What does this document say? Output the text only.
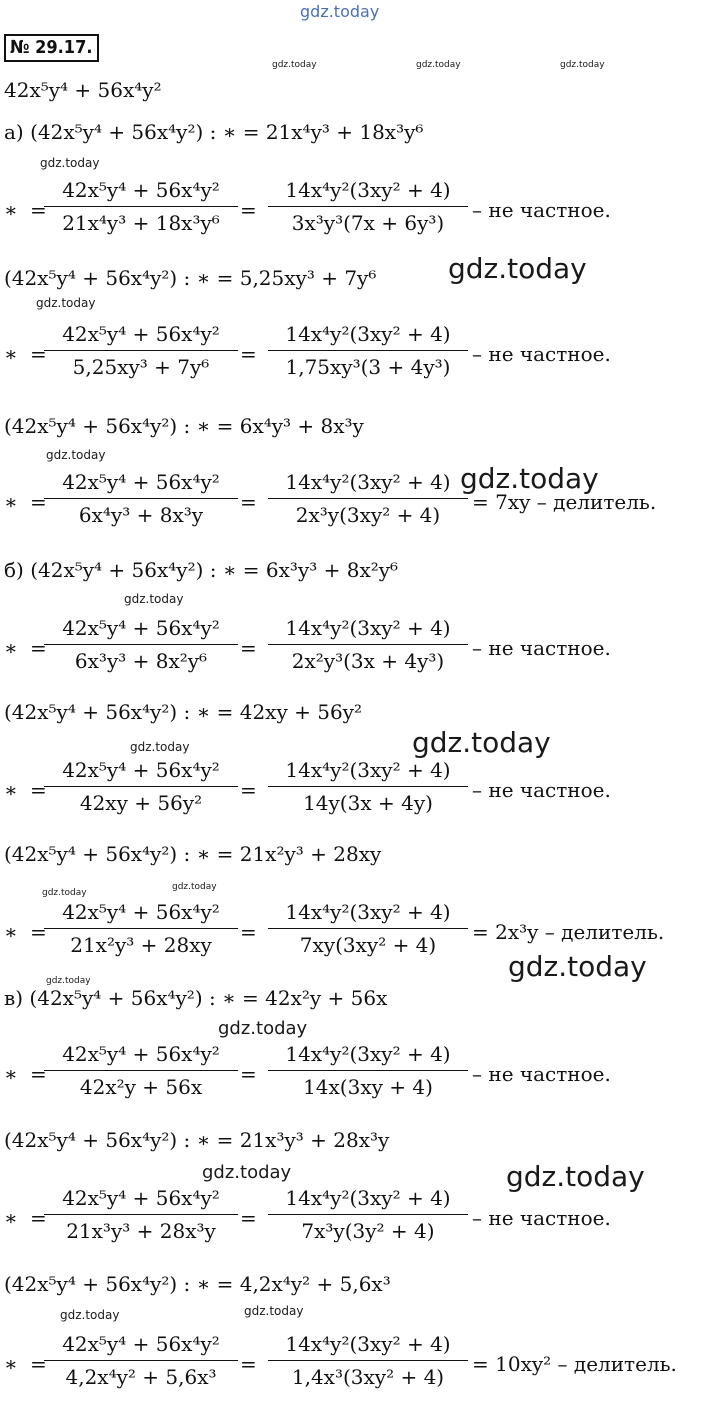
gdz.today
№ 29.17.
gdz.today	gdz.today	gdz.today
42x⁵y⁴ + 56x⁴y²
а) (42x⁵y⁴ + 56x⁴y²) : ∗ = 21x⁴y³ + 18x³y⁶
∗ =
42x⁵y⁴ + 56x⁴y²
21x⁴y³ + 18x³y⁶
=
14x⁴y²(3xy² + 4)
3x³y³(7x + 6y³)
– не частное.
(42x⁵y⁴ + 56x⁴y²) : ∗ = 5,25xy³ + 7y⁶
∗ =
42x⁵y⁴ + 56x⁴y²
5,25xy³ + 7y⁶
=
14x⁴y²(3xy² + 4)
1,75xy³(3 + 4y³)
– не частное.
(42x⁵y⁴ + 56x⁴y²) : ∗ = 6x⁴y³ + 8x³y
∗ =
42x⁵y⁴ + 56x⁴y²
6x⁴y³ + 8x³y
=
14x⁴y²(3xy² + 4)
2x³y(3xy² + 4)
= 7xy – делитель.
б) (42x⁵y⁴ + 56x⁴y²) : ∗ = 6x³y³ + 8x²y⁶
∗ =
42x⁵y⁴ + 56x⁴y²
6x³y³ + 8x²y⁶
=
14x⁴y²(3xy² + 4)
2x²y³(3x + 4y³)
– не частное.
(42x⁵y⁴ + 56x⁴y²) : ∗ = 42xy + 56y²
∗ =
42x⁵y⁴ + 56x⁴y²
42xy + 56y²
=
14x⁴y²(3xy² + 4)
14y(3x + 4y)
– не частное.
(42x⁵y⁴ + 56x⁴y²) : ∗ = 21x²y³ + 28xy
∗ =
42x⁵y⁴ + 56x⁴y²
21x²y³ + 28xy
=
14x⁴y²(3xy² + 4)
7xy(3xy² + 4)
= 2x³y – делитель.
в) (42x⁵y⁴ + 56x⁴y²) : ∗ = 42x²y + 56x
∗ =
42x⁵y⁴ + 56x⁴y²
42x²y + 56x
=
14x⁴y²(3xy² + 4)
14x(3xy + 4)
– не частное.
(42x⁵y⁴ + 56x⁴y²) : ∗ = 21x³y³ + 28x³y
∗ =
42x⁵y⁴ + 56x⁴y²
21x³y³ + 28x³y
=
14x⁴y²(3xy² + 4)
7x³y(3y² + 4)
– не частное.
(42x⁵y⁴ + 56x⁴y²) : ∗ = 4,2x⁴y² + 5,6x³
∗ =
42x⁵y⁴ + 56x⁴y²
4,2x⁴y² + 5,6x³
=
14x⁴y²(3xy² + 4)
1,4x³(3xy² + 4)
= 10xy² – делитель.
gdz.today
gdz.today
gdz.today
gdz.today
gdz.today
gdz.today
gdz.today
gdz.today
gdz.today
gdz.today
gdz.today
gdz.today
gdz.today
gdz.today	gdz.today
gdz.today	gdz.today
